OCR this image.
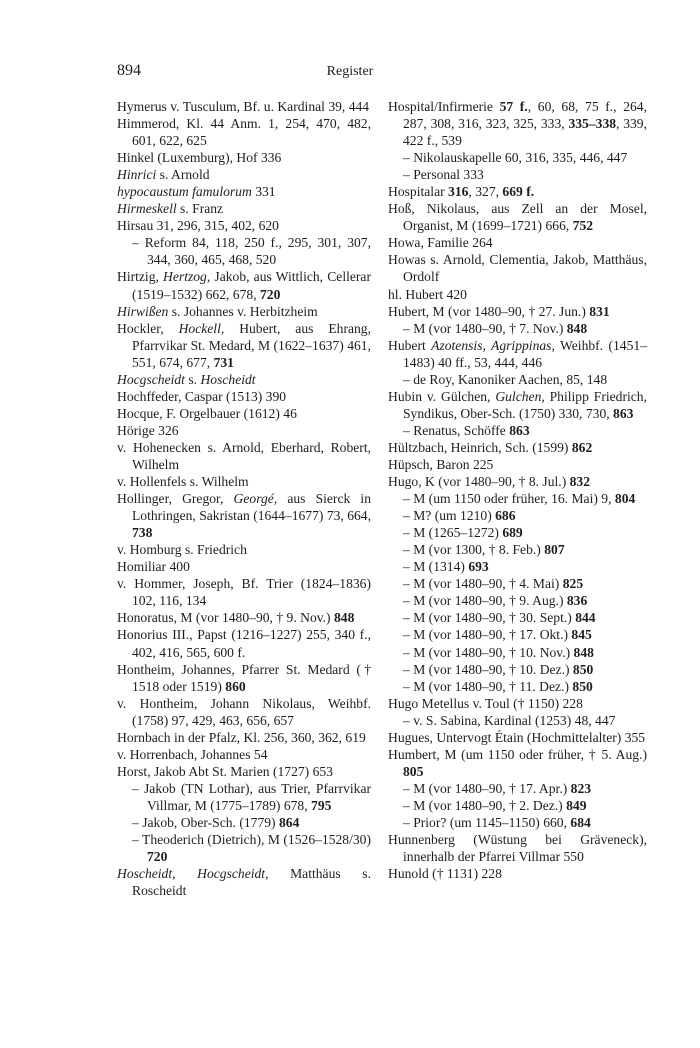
894	Register
Hymerus v. Tusculum, Bf. u. Kardinal 39, 444
Himmerod, Kl. 44 Anm. 1, 254, 470, 482, 601, 622, 625
Hinkel (Luxemburg), Hof 336
Hinrici s. Arnold
hypocaustum famulorum 331
Hirmeskell s. Franz
Hirsau 31, 296, 315, 402, 620
– Reform 84, 118, 250 f., 295, 301, 307, 344, 360, 465, 468, 520
Hirtzig, Hertzog, Jakob, aus Wittlich, Cellerar (1519–1532) 662, 678, 720
Hirwißen s. Johannes v. Herbitzheim
Hockler, Hockell, Hubert, aus Ehrang, Pfarrvikar St. Medard, M (1622–1637) 461, 551, 674, 677, 731
Hocgscheidt s. Hoscheidt
Hochffeder, Caspar (1513) 390
Hocque, F. Orgelbauer (1612) 46
Hörige 326
v. Hohenecken s. Arnold, Eberhard, Robert, Wilhelm
v. Hollenfels s. Wilhelm
Hollinger, Gregor, Georgé, aus Sierck in Lothringen, Sakristan (1644–1677) 73, 664, 738
v. Homburg s. Friedrich
Homiliar 400
v. Hommer, Joseph, Bf. Trier (1824–1836) 102, 116, 134
Honoratus, M (vor 1480–90, † 9. Nov.) 848
Honorius III., Papst (1216–1227) 255, 340 f., 402, 416, 565, 600 f.
Hontheim, Johannes, Pfarrer St. Medard († 1518 oder 1519) 860
v. Hontheim, Johann Nikolaus, Weihbf. (1758) 97, 429, 463, 656, 657
Hornbach in der Pfalz, Kl. 256, 360, 362, 619
v. Horrenbach, Johannes 54
Horst, Jakob Abt St. Marien (1727) 653
– Jakob (TN Lothar), aus Trier, Pfarrvikar Villmar, M (1775–1789) 678, 795
– Jakob, Ober-Sch. (1779) 864
– Theoderich (Dietrich), M (1526–1528/30) 720
Hoscheidt, Hocgscheidt, Matthäus s. Roscheidt
Hospital/Infirmerie 57 f., 60, 68, 75 f., 264, 287, 308, 316, 323, 325, 333, 335–338, 339, 422 f., 539
– Nikolauskapelle 60, 316, 335, 446, 447
– Personal 333
Hospitalar 316, 327, 669 f.
Hoß, Nikolaus, aus Zell an der Mosel, Organist, M (1699–1721) 666, 752
Howa, Familie 264
Howas s. Arnold, Clementia, Jakob, Matthäus, Ordolf
hl. Hubert 420
Hubert, M (vor 1480–90, † 27. Jun.) 831
– M (vor 1480–90, † 7. Nov.) 848
Hubert Azotensis, Agrippinas, Weihbf. (1451–1483) 40 ff., 53, 444, 446
– de Roy, Kanoniker Aachen, 85, 148
Hubin v. Gülchen, Gulchen, Philipp Friedrich, Syndikus, Ober-Sch. (1750) 330, 730, 863
– Renatus, Schöffe 863
Hültzbach, Heinrich, Sch. (1599) 862
Hüpsch, Baron 225
Hugo, K (vor 1480–90, † 8. Jul.) 832
– M (um 1150 oder früher, 16. Mai) 9, 804
– M? (um 1210) 686
– M (1265–1272) 689
– M (vor 1300, † 8. Feb.) 807
– M (1314) 693
– M (vor 1480–90, † 4. Mai) 825
– M (vor 1480–90, † 9. Aug.) 836
– M (vor 1480–90, † 30. Sept.) 844
– M (vor 1480–90, † 17. Okt.) 845
– M (vor 1480–90, † 10. Nov.) 848
– M (vor 1480–90, † 10. Dez.) 850
– M (vor 1480–90, † 11. Dez.) 850
Hugo Metellus v. Toul († 1150) 228
– v. S. Sabina, Kardinal (1253) 48, 447
Hugues, Untervogt Étain (Hochmittelalter) 355
Humbert, M (um 1150 oder früher, † 5. Aug.) 805
– M (vor 1480–90, † 17. Apr.) 823
– M (vor 1480–90, † 2. Dez.) 849
– Prior? (um 1145–1150) 660, 684
Hunnenberg (Wüstung bei Gräveneck), innerhalb der Pfarrei Villmar 550
Hunold († 1131) 228
